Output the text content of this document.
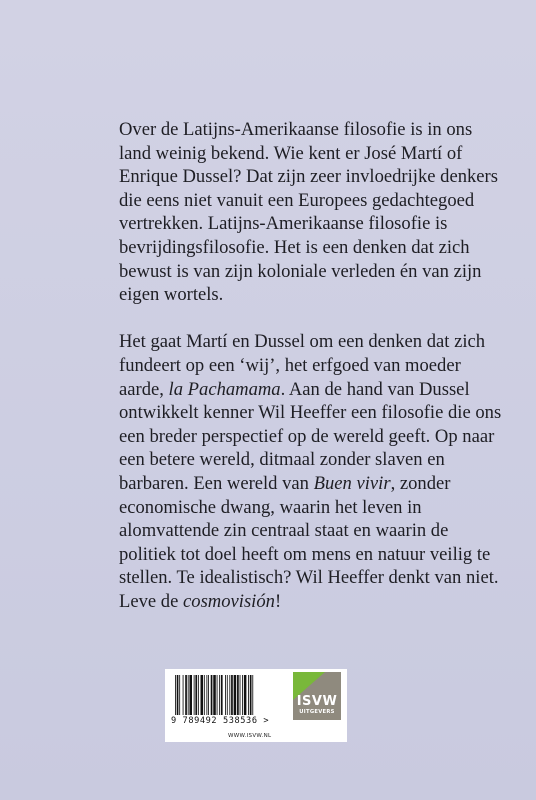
Over de Latijns-Amerikaanse filosofie is in ons
land weinig bekend. Wie kent er José Martí of
Enrique Dussel? Dat zijn zeer invloedrijke denkers
die eens niet vanuit een Europees gedachtegoed
vertrekken. Latijns-Amerikaanse filosofie is
bevrijdingsfilosofie. Het is een denken dat zich
bewust is van zijn koloniale verleden én van zijn
eigen wortels.

Het gaat Martí en Dussel om een denken dat zich
fundeert op een ‘wij’, het erfgoed van moeder
aarde, la Pachamama. Aan de hand van Dussel
ontwikkelt kenner Wil Heeffer een filosofie die ons
een breder perspectief op de wereld geeft. Op naar
een betere wereld, ditmaal zonder slaven en
barbaren. Een wereld van Buen vivir, zonder
economische dwang, waarin het leven in
alomvattende zin centraal staat en waarin de
politiek tot doel heeft om mens en natuur veilig te
stellen. Te idealistisch? Wil Heeffer denkt van niet.
Leve de cosmovisión!

9 789492 538536 >
ISVW
UITGEVERS
WWW.ISVW.NL
